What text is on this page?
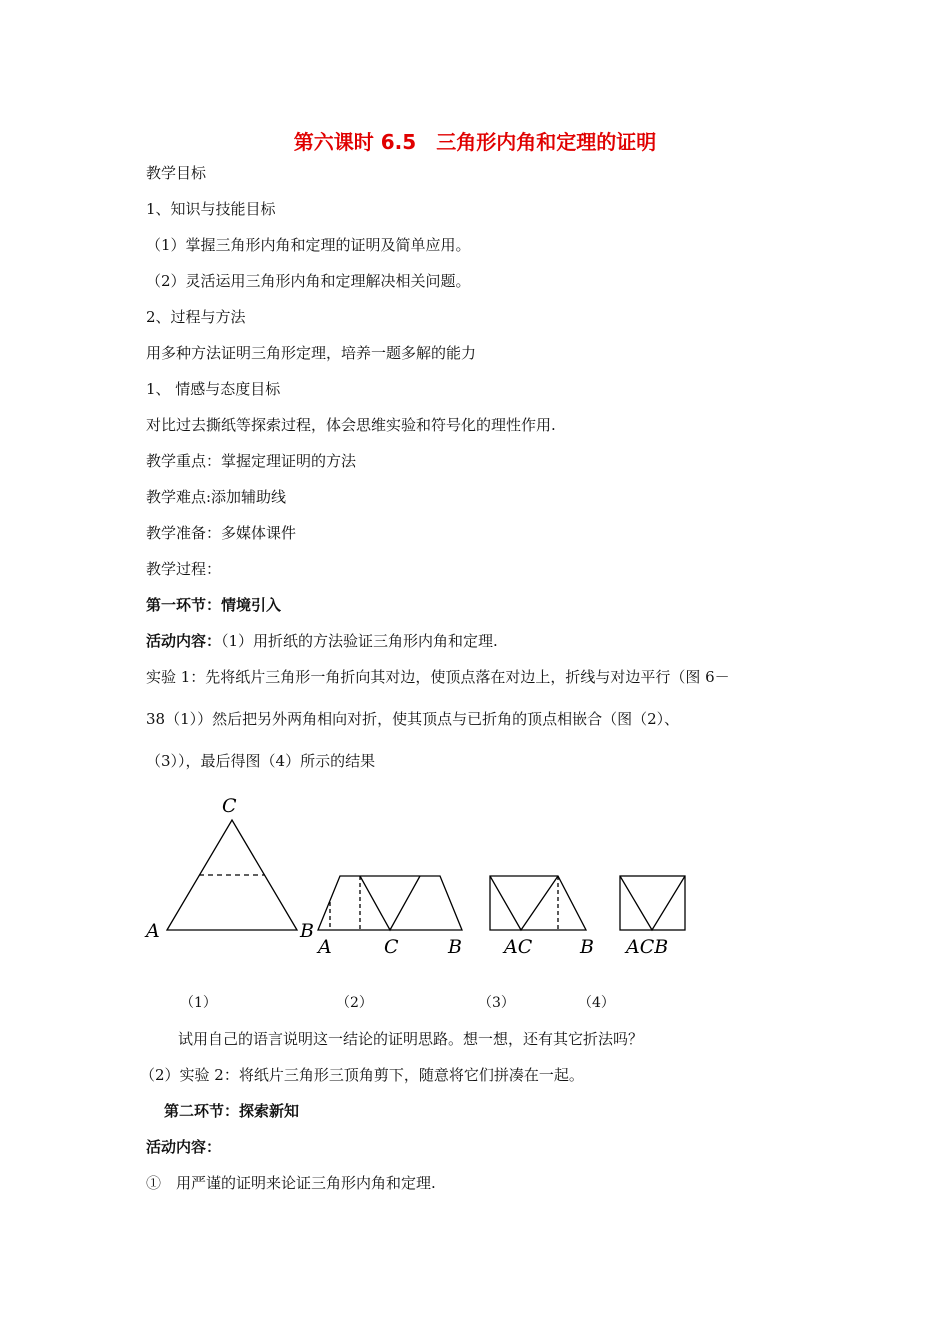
第六课时 6.5　三角形内角和定理的证明
教学目标
1、知识与技能目标
（1）掌握三角形内角和定理的证明及简单应用。
（2）灵活运用三角形内角和定理解决相关问题。
2、过程与方法
用多种方法证明三角形定理，培养一题多解的能力
1、 情感与态度目标
对比过去撕纸等探索过程，体会思维实验和符号化的理性作用.
教学重点：掌握定理证明的方法
教学难点:添加辅助线
教学准备：多媒体课件
教学过程：
第一环节：情境引入
活动内容：（1）用折纸的方法验证三角形内角和定理.
实验 1：先将纸片三角形一角折向其对边，使顶点落在对边上，折线与对边平行（图 6－
38（1））然后把另外两角相向对折，使其顶点与已折角的顶点相嵌合（图（2）、
（3）），最后得图（4）所示的结果
C
A	B
A	C	B AC	B ACB
（1）	（2）	（3）	（4）
试用自己的语言说明这一结论的证明思路。想一想，还有其它折法吗？
（2）实验 2：将纸片三角形三顶角剪下，随意将它们拼凑在一起。
第二环节：探索新知
活动内容：
①　用严谨的证明来论证三角形内角和定理.
